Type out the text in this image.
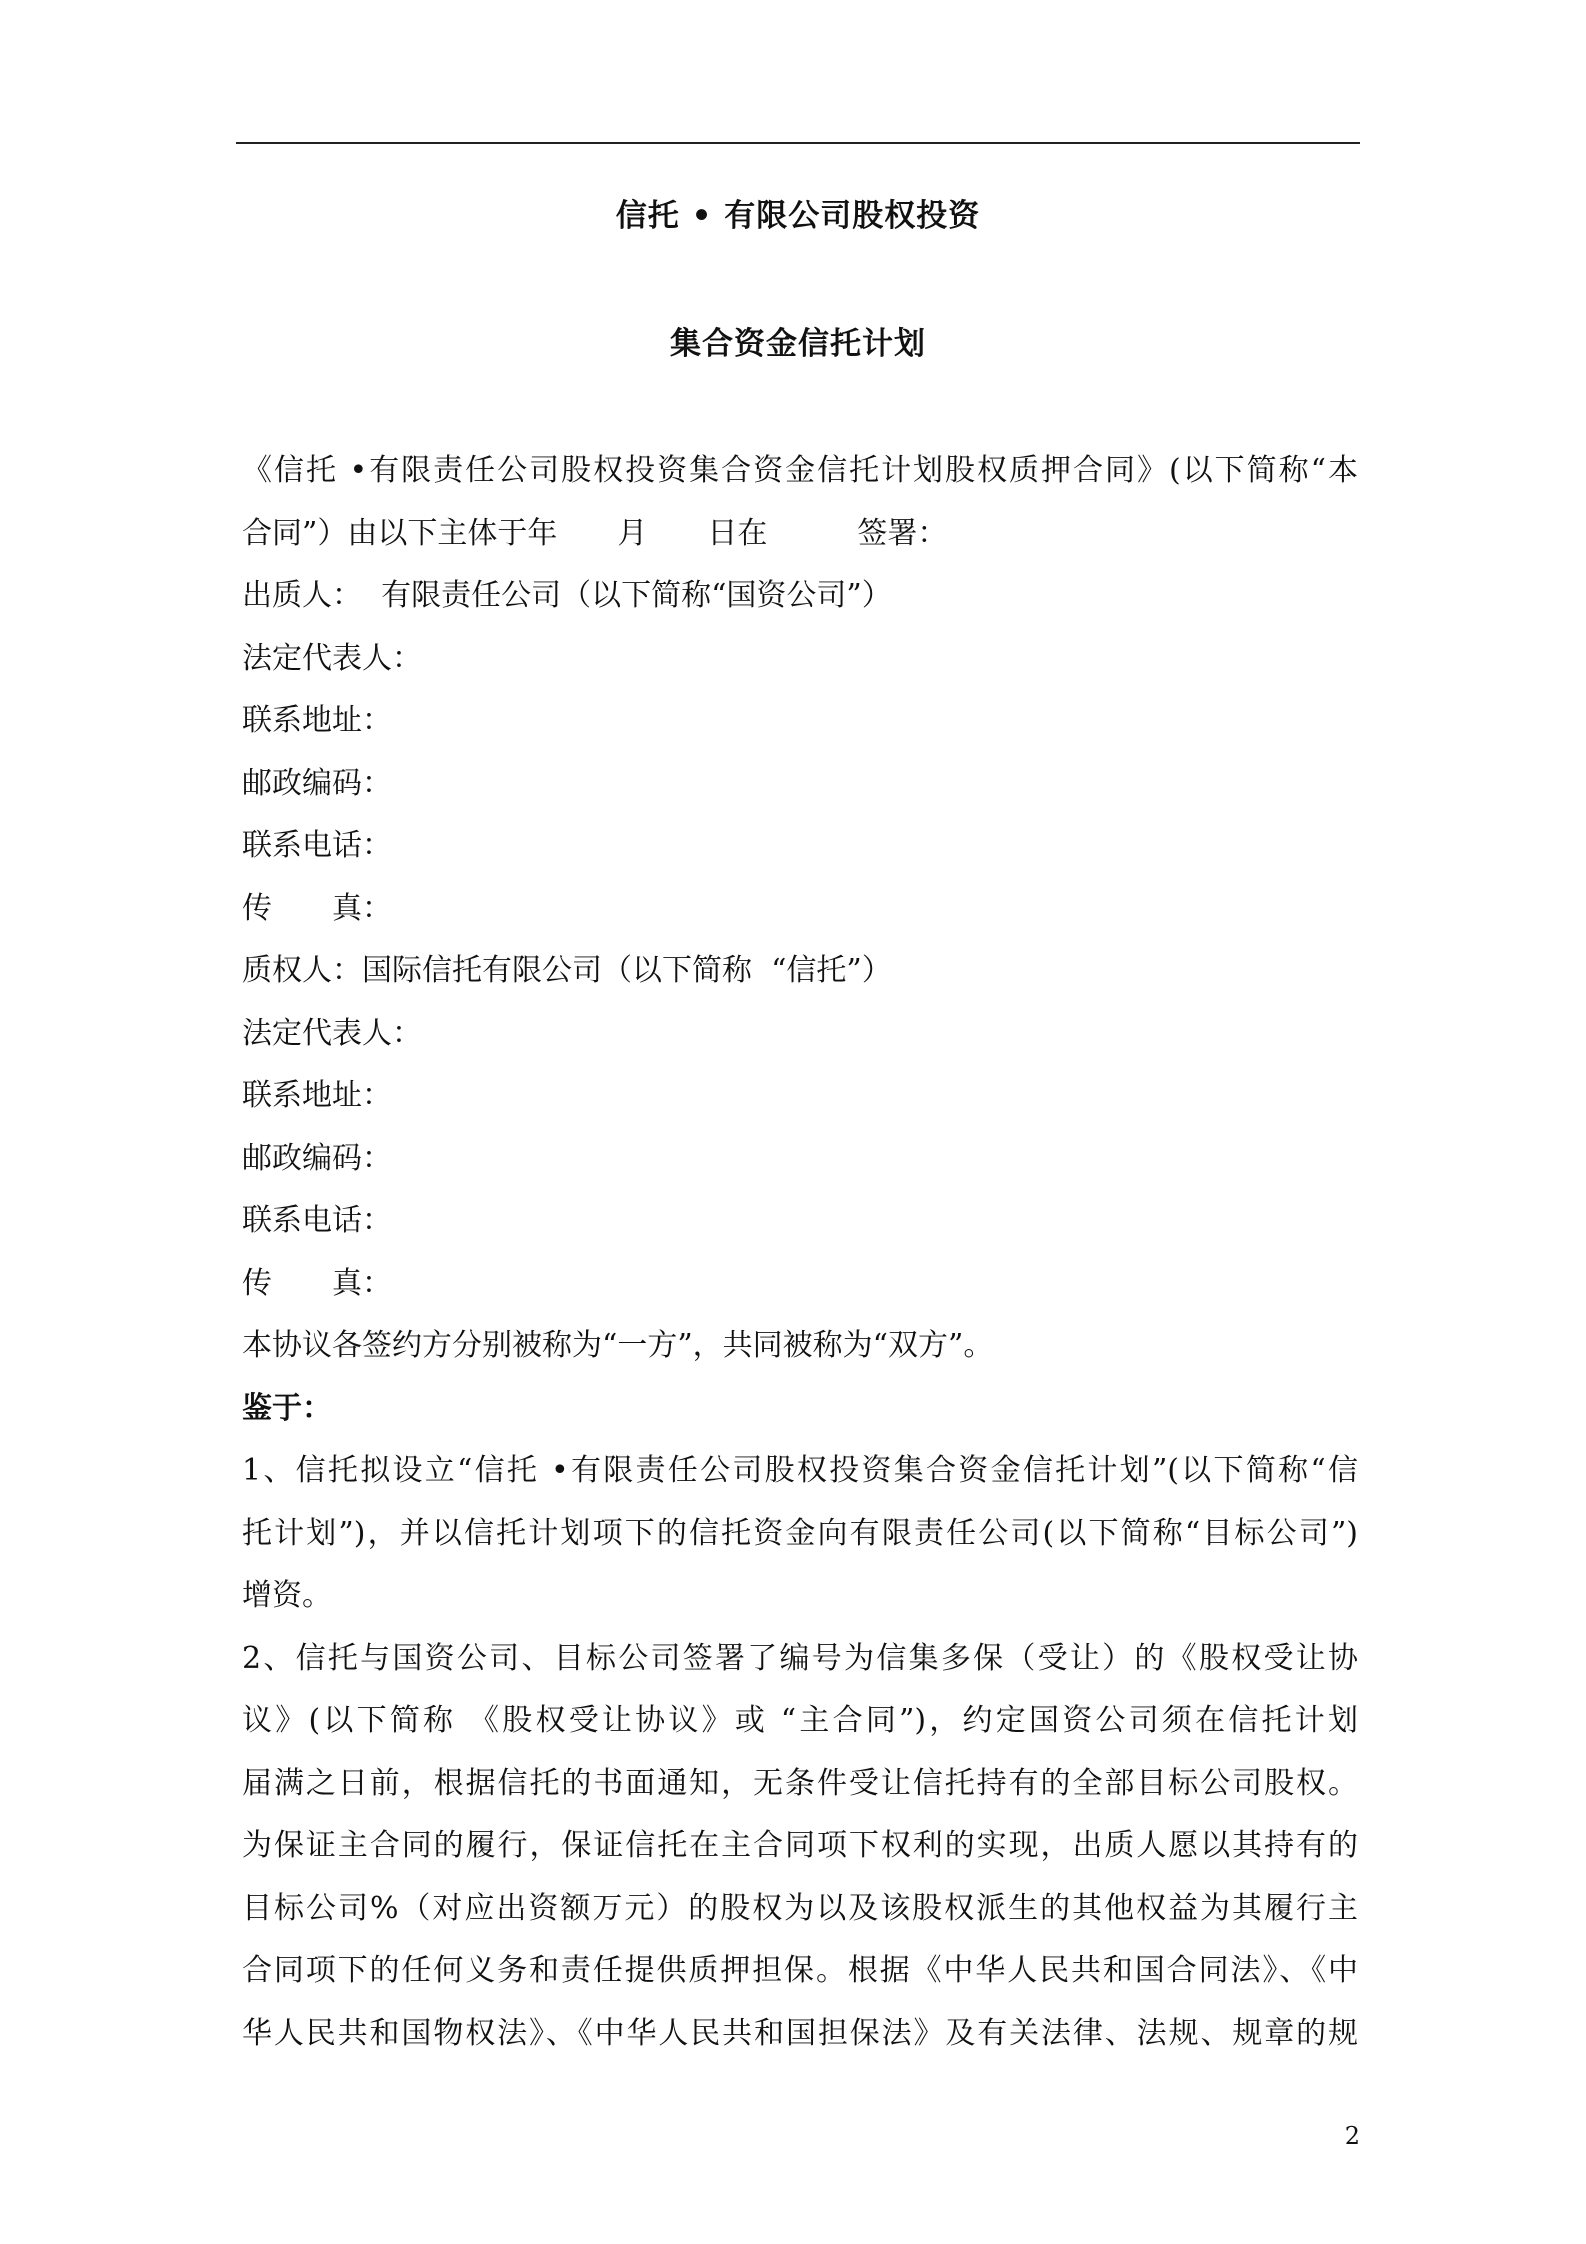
信托 • 有限公司股权投资
集合资金信托计划
《信托 •有限责任公司股权投资集合资金信托计划股权质押合同》(以下简称“本
合同”）由以下主体于年　　月　　日在　　　签署：
出质人：  有限责任公司（以下简称“国资公司”）
法定代表人：
联系地址：
邮政编码：
联系电话：
传　　真：
质权人：国际信托有限公司（以下简称  “信托”）
法定代表人：
联系地址：
邮政编码：
联系电话：
传　　真：
本协议各签约方分别被称为“一方”，共同被称为“双方”。
鉴于：
1、信托拟设立“信托 •有限责任公司股权投资集合资金信托计划”(以下简称“信
托计划”)，并以信托计划项下的信托资金向有限责任公司(以下简称“目标公司”)
增资。
2、信托与国资公司、目标公司签署了编号为信集多保（受让）的《股权受让协
议》(以下简称 《股权受让协议》或 “主合同”)，约定国资公司须在信托计划
届满之日前，根据信托的书面通知，无条件受让信托持有的全部目标公司股权。
为保证主合同的履行，保证信托在主合同项下权利的实现，出质人愿以其持有的
目标公司%（对应出资额万元）的股权为以及该股权派生的其他权益为其履行主
合同项下的任何义务和责任提供质押担保。根据《中华人民共和国合同法》、《中
华人民共和国物权法》、《中华人民共和国担保法》及有关法律、法规、规章的规
2
